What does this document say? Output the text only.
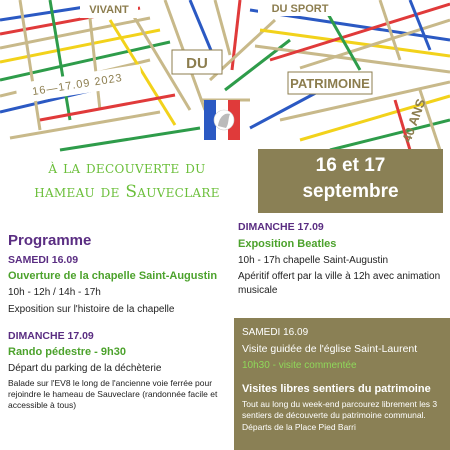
VIVANT	DU SPORT
DU
PATRIMOINE
40 ANS
16—17.09 2023
à la decouverte du
hameau de Sauveclare
16 et 17
septembre
Programme
SAMEDI 16.09
Ouverture de la chapelle Saint-Augustin
10h - 12h / 14h - 17h
Exposition sur l'histoire de la chapelle
DIMANCHE 17.09
Rando pédestre - 9h30
Départ du parking de la déchèterie
Balade sur l'EV8 le long de l'ancienne voie ferrée pour rejoindre le hameau de Sauveclare (randonnée facile et accessible à tous)
DIMANCHE 17.09
Exposition Beatles
10h - 17h chapelle Saint-Augustin
Apéritif offert par la ville à 12h avec animation musicale
SAMEDI 16.09
Visite guidée de l'église Saint-Laurent
10h30 - visite commentée
Visites libres sentiers du patrimoine
Tout au long du week-end parcourez librement les 3 sentiers de découverte du patrimoine communal.
Départs de la Place Pied Barri
